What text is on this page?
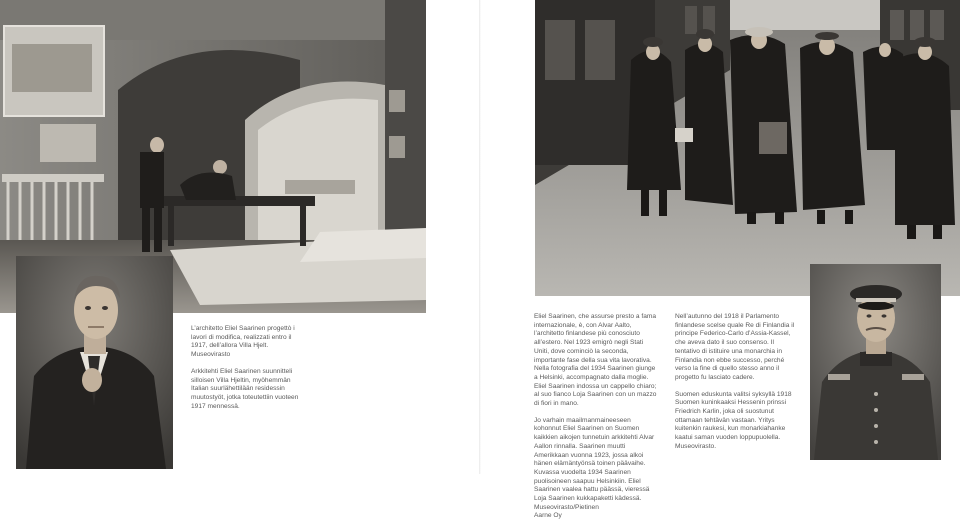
L’architetto Eliel Saarinen progettò i lavori di modifica, realizzati entro il 1917, dell’allora Villa Hjelt.

Museovirasto

Arkkitehti Eliel Saarinen suunnitteli silloisen Villa Hjeltin, myöhemmän Italian suurlähettilään residessin muutostyöt, jotka toteutettiin vuoteen 1917 mennessä.

Eliel Saarinen, che assurse presto a fama internazionale, è, con Alvar Aalto, l’architetto finlandese più conosciuto all’estero. Nel 1923 emigrò negli Stati Uniti, dove cominciò la seconda, importante fase della sua vita lavorativa. Nella fotografia del 1934 Saarinen giunge a Helsinki, accompagnato dalla moglie. Eliel Saarinen indossa un cappello chiaro; al suo fianco Loja Saarinen con un mazzo di fiori in mano.

Jo varhain maailmanmaineeseen kohonnut Eliel Saarinen on Suomen kaikkien aikojen tunnetuin arkkitehti Alvar Aallon rinnalla. Saarinen muutti Amerikkaan vuonna 1923, jossa alkoi hänen elämäntyönsä toinen päävaihe. Kuvassa vuodelta 1934 Saarinen puolisoineen saapuu Helsinkiin. Eliel Saarinen vaalea hattu päässä, vieressä Loja Saarinen kukkapaketti kädessä. Museovirasto/Pietinen

Aarne Oy

Nell’autunno del 1918 il Parlamento finlandese scelse quale Re di Finlandia il principe Federico-Carlo d’Assia-Kassel, che aveva dato il suo consenso. Il tentativo di istituire una monarchia in Finlandia non ebbe successo, perché verso la fine di quello stesso anno il progetto fu lasciato cadere.

Suomen eduskunta valitsi syksyllä 1918 Suomen kuninkaaksi Hessenin prinssi Friedrich Karlin, joka oli suostunut ottamaan tehtävän vastaan. Yritys kuitenkin raukesi, kun monarkiahanke kaatui saman vuoden loppupuolella. Museovirasto.
